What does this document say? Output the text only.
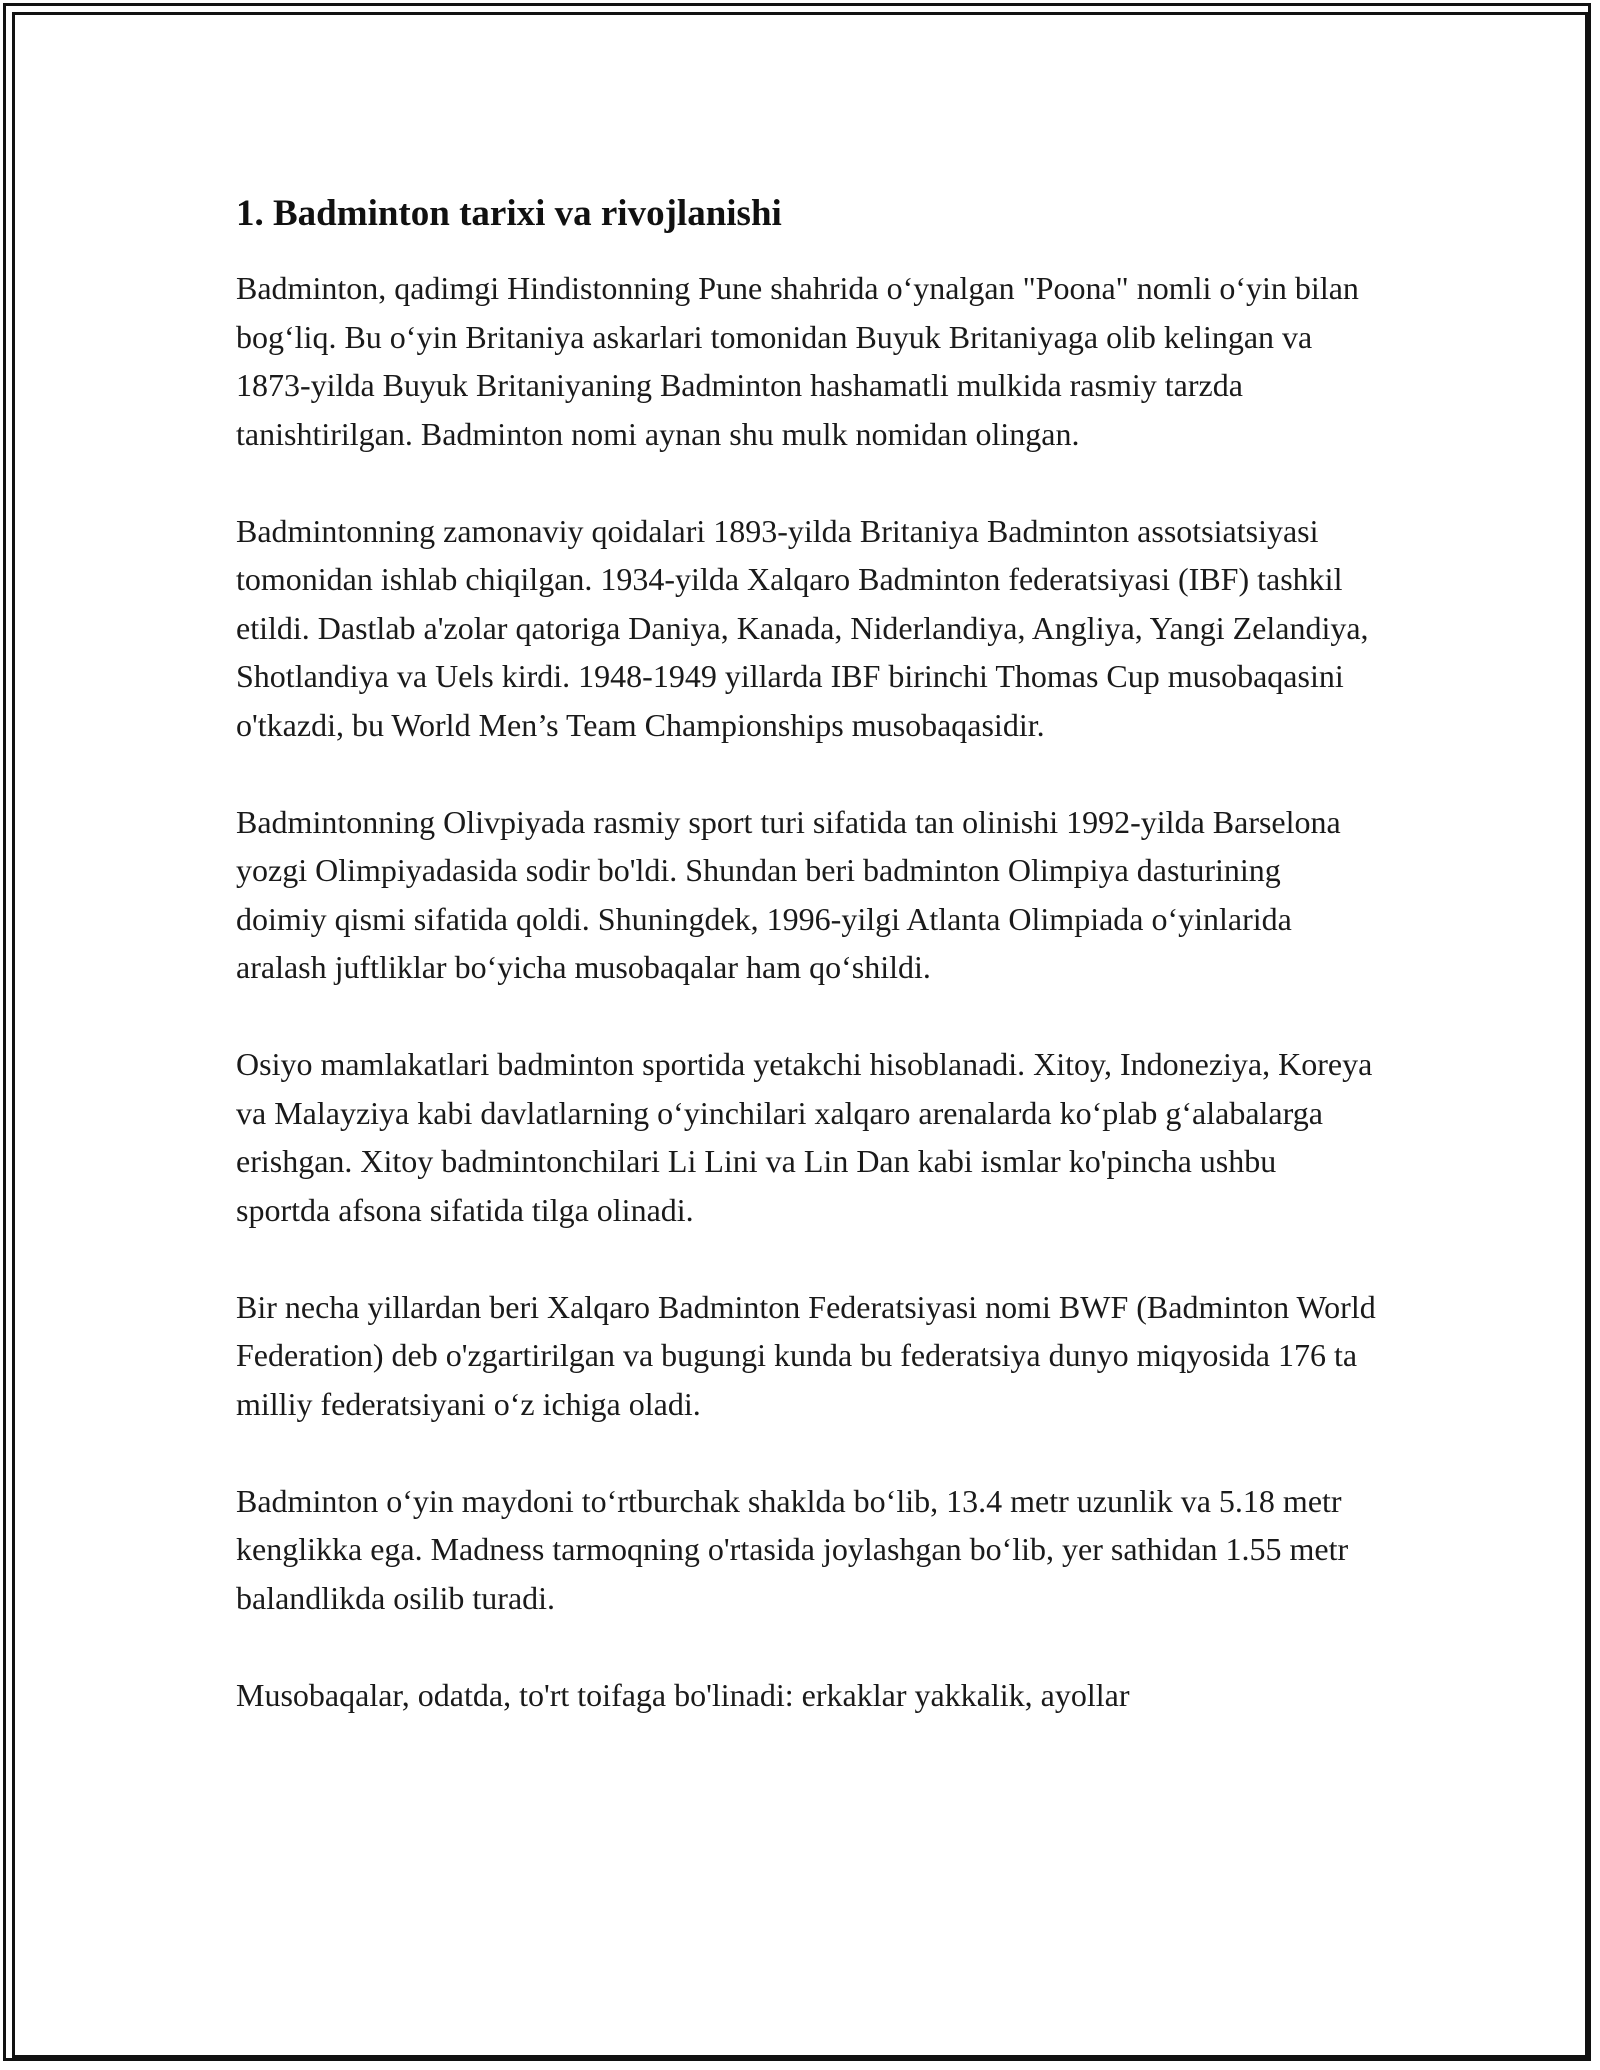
1. Badminton tarixi va rivojlanishi

Badminton, qadimgi Hindistonning Pune shahrida o‘ynalgan "Poona" nomli o‘yin bilan bog‘liq. Bu o‘yin Britaniya askarlari tomonidan Buyuk Britaniyaga olib kelingan va 1873-yilda Buyuk Britaniyaning Badminton hashamatli mulkida rasmiy tarzda tanishtirilgan. Badminton nomi aynan shu mulk nomidan olingan.

Badmintonning zamonaviy qoidalari 1893-yilda Britaniya Badminton assotsiatsiyasi tomonidan ishlab chiqilgan. 1934-yilda Xalqaro Badminton federatsiyasi (IBF) tashkil etildi. Dastlab a'zolar qatoriga Daniya, Kanada, Niderlandiya, Angliya, Yangi Zelandiya, Shotlandiya va Uels kirdi. 1948-1949 yillarda IBF birinchi Thomas Cup musobaqasini o'tkazdi, bu World Men’s Team Championships musobaqasidir.

Badmintonning Olivpiyada rasmiy sport turi sifatida tan olinishi 1992-yilda Barselona yozgi Olimpiyadasida sodir bo'ldi. Shundan beri badminton Olimpiya dasturining doimiy qismi sifatida qoldi. Shuningdek, 1996-yilgi Atlanta Olimpiada o‘yinlarida aralash juftliklar bo‘yicha musobaqalar ham qo‘shildi.

Osiyo mamlakatlari badminton sportida yetakchi hisoblanadi. Xitoy, Indoneziya, Koreya va Malayziya kabi davlatlarning o‘yinchilari xalqaro arenalarda ko‘plab g‘alabalarga erishgan. Xitoy badmintonchilari Li Lini va Lin Dan kabi ismlar ko'pincha ushbu sportda afsona sifatida tilga olinadi.

Bir necha yillardan beri Xalqaro Badminton Federatsiyasi nomi BWF (Badminton World Federation) deb o'zgartirilgan va bugungi kunda bu federatsiya dunyo miqyosida 176 ta milliy federatsiyani o‘z ichiga oladi.

Badminton o‘yin maydoni to‘rtburchak shakldа bo‘lib, 13.4 metr uzunlik va 5.18 metr kenglikka ega. Madness tarmoqning o'rtasida joylashgan bo‘lib, yer sathidan 1.55 metr balandlikda osilib turadi.

Musobaqalar, odatda, to'rt toifaga bo'linadi: erkaklar yakkalik, ayollar
